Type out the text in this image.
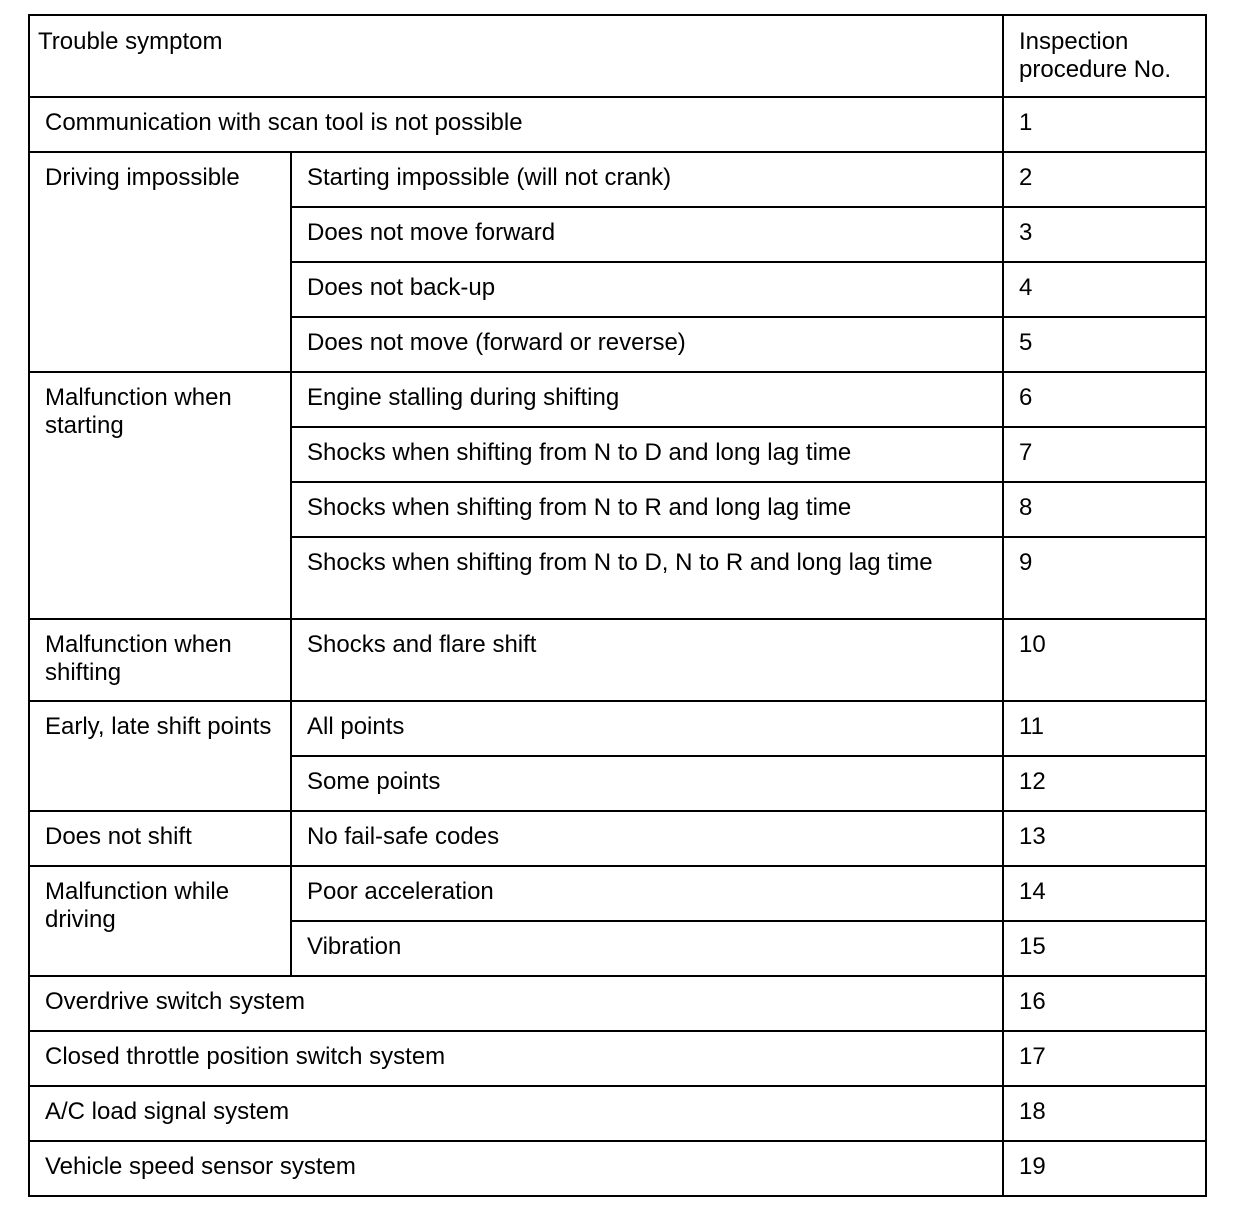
Trouble symptom		Inspection procedure No.
Communication with scan tool is not possible		1
Driving impossible	Starting impossible (will not crank)	2
	Does not move forward	3
	Does not back-up	4
	Does not move (forward or reverse)	5
Malfunction when starting	Engine stalling during shifting	6
	Shocks when shifting from N to D and long lag time	7
	Shocks when shifting from N to R and long lag time	8
	Shocks when shifting from N to D, N to R and long lag time	9
Malfunction when shifting	Shocks and flare shift	10
Early, late shift points	All points	11
	Some points	12
Does not shift	No fail-safe codes	13
Malfunction while driving	Poor acceleration	14
	Vibration	15
Overdrive switch system		16
Closed throttle position switch system		17
A/C load signal system		18
Vehicle speed sensor system		19
